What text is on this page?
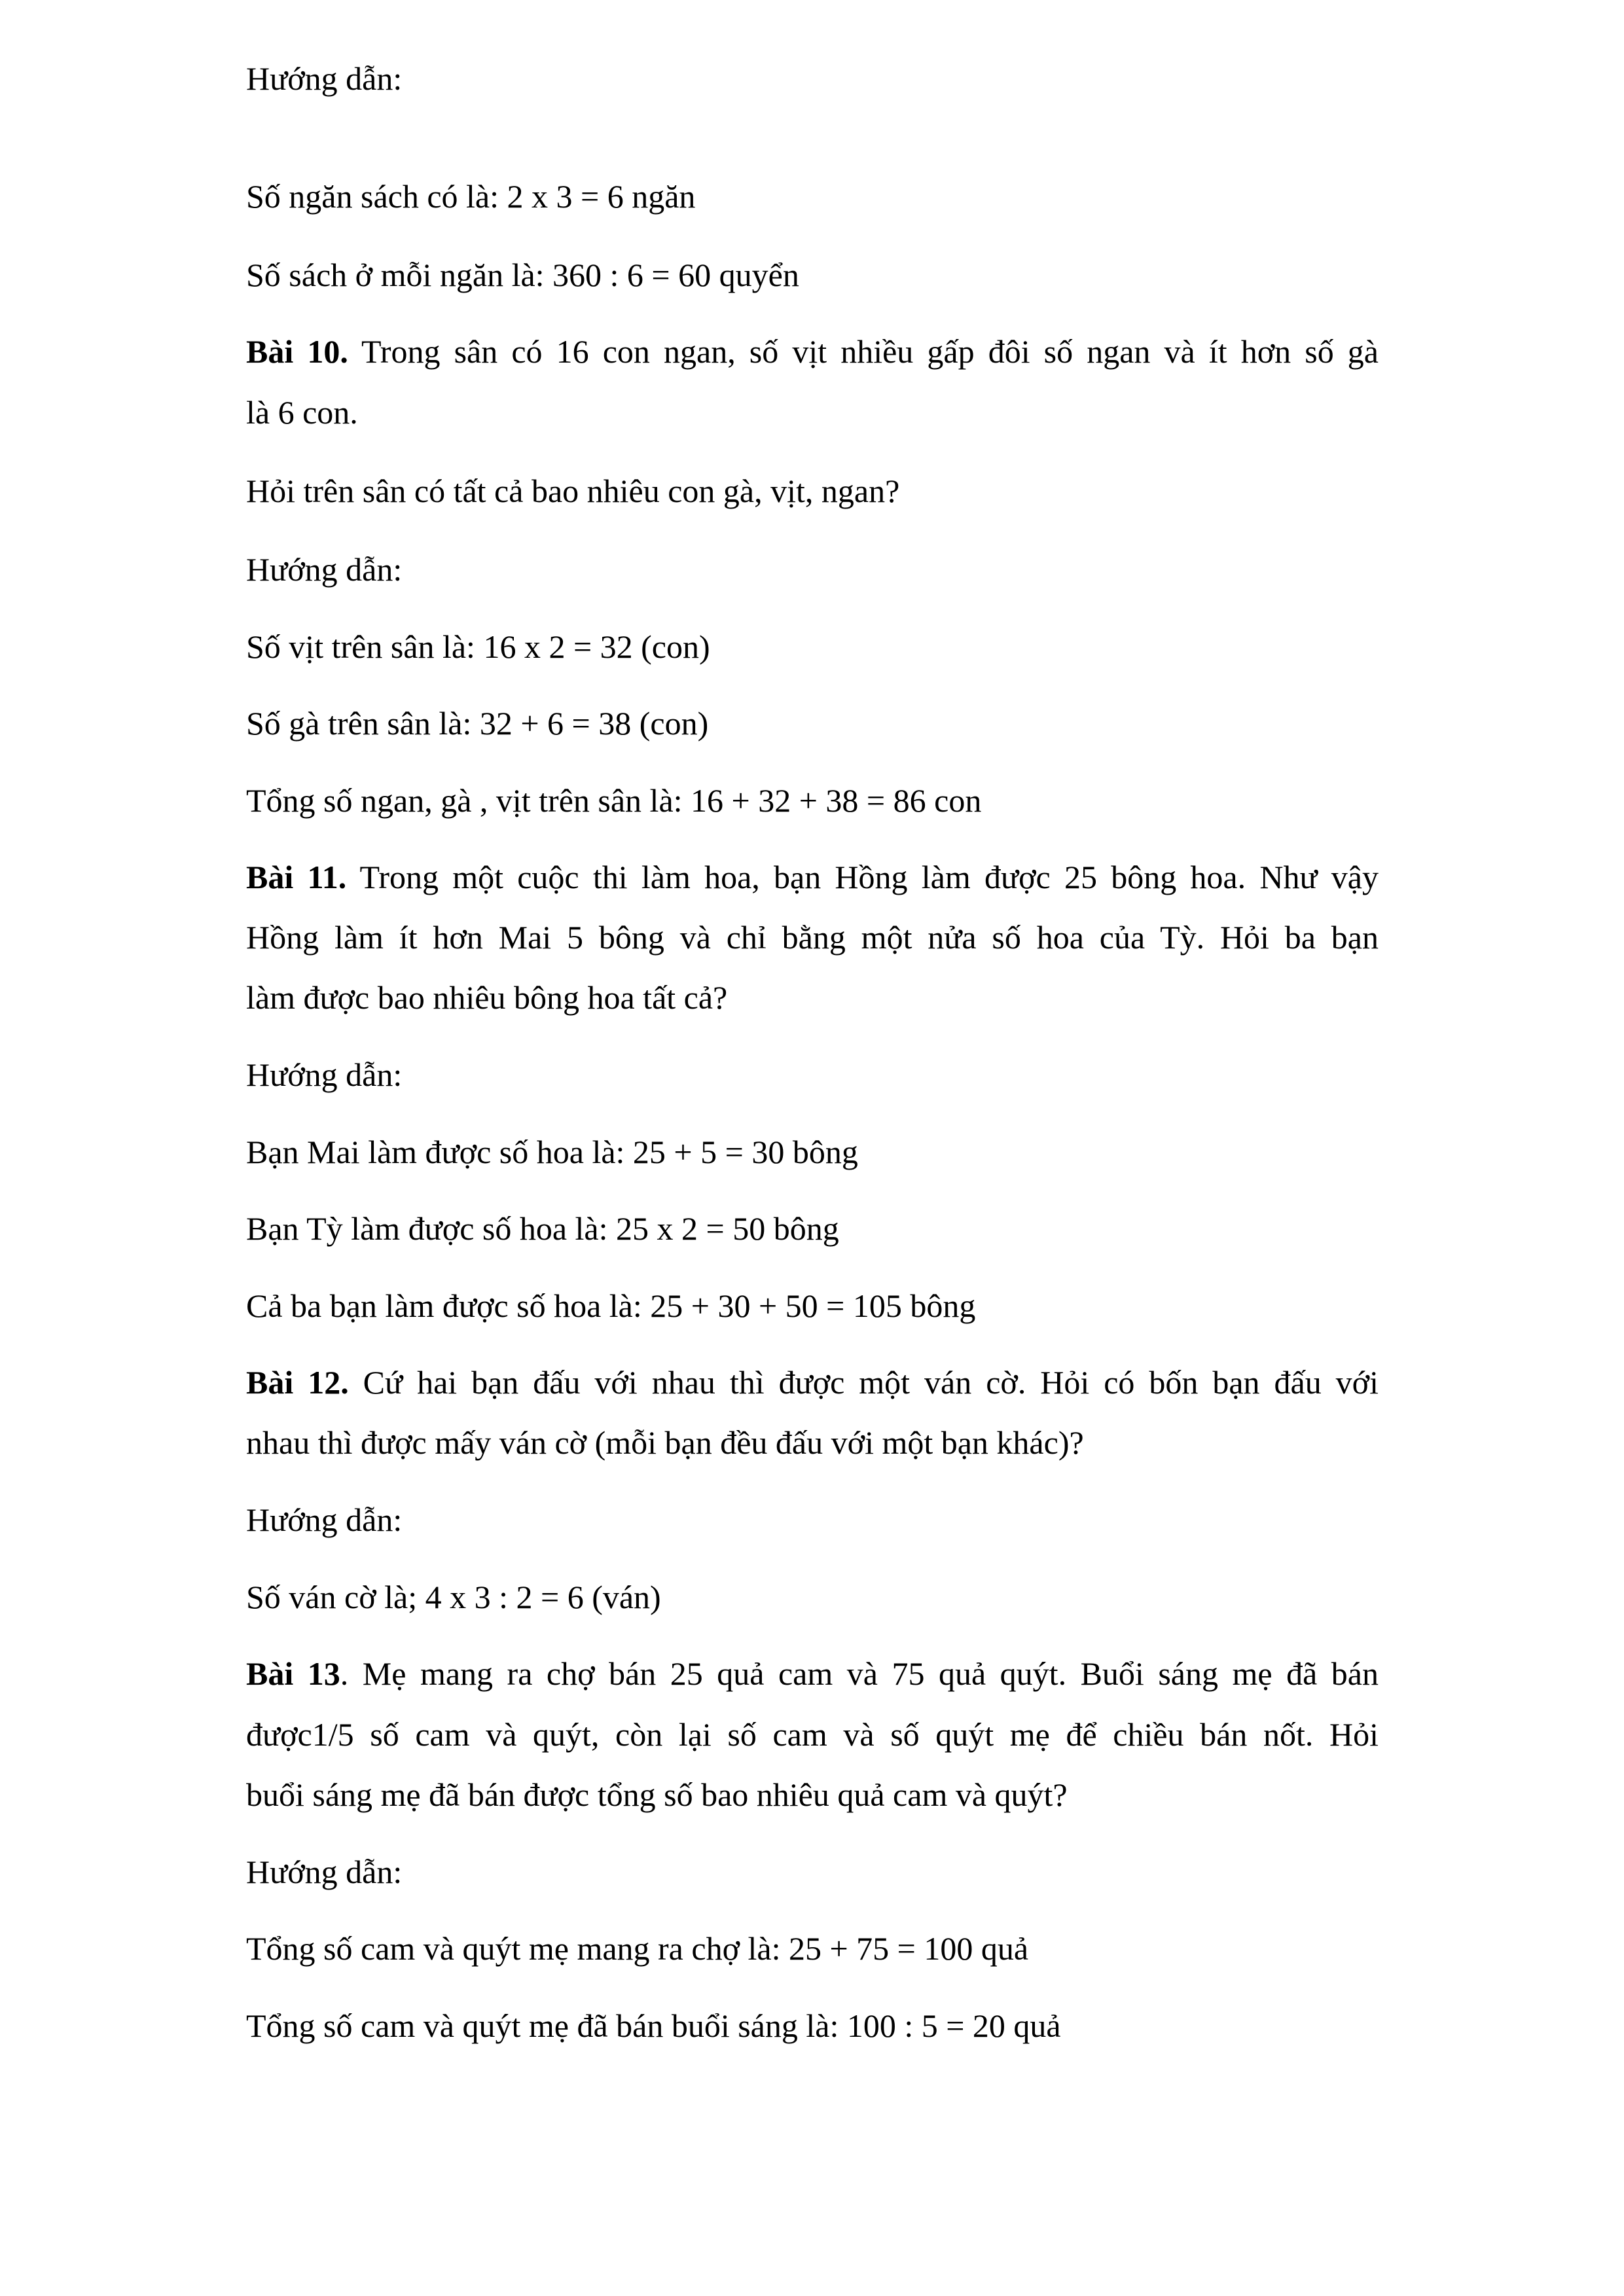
Hướng dẫn:

Số ngăn sách có là: 2 x 3 = 6 ngăn

Số sách ở mỗi ngăn là: 360 : 6 = 60 quyển

Bài 10. Trong sân có 16 con ngan, số vịt nhiều gấp đôi số ngan và ít hơn số gà

là 6 con.

Hỏi trên sân có tất cả bao nhiêu con gà, vịt, ngan?

Hướng dẫn:

Số vịt trên sân là: 16 x 2 = 32 (con)

Số gà trên sân là: 32 + 6 = 38 (con)

Tổng số ngan, gà , vịt trên sân là: 16 + 32 + 38 = 86 con

Bài 11. Trong một cuộc thi làm hoa, bạn Hồng làm được 25 bông hoa. Như vậy

Hồng làm ít hơn Mai 5 bông và chỉ bằng một nửa số hoa của Tỳ. Hỏi ba bạn

làm được bao nhiêu bông hoa tất cả?

Hướng dẫn:

Bạn Mai làm được số hoa là: 25 + 5 = 30 bông

Bạn Tỳ làm được số hoa là: 25 x 2 = 50 bông

Cả ba bạn làm được số hoa là: 25 + 30 + 50 = 105 bông

Bài 12. Cứ hai bạn đấu với nhau thì được một ván cờ. Hỏi có bốn bạn đấu với

nhau thì được mấy ván cờ (mỗi bạn đều đấu với một bạn khác)?

Hướng dẫn:

Số ván cờ là; 4 x 3 : 2 = 6 (ván)

Bài 13. Mẹ mang ra chợ bán 25 quả cam và 75 quả quýt. Buổi sáng mẹ đã bán

được1/5 số cam và quýt, còn lại số cam và số quýt mẹ để chiều bán nốt. Hỏi

buổi sáng mẹ đã bán được tổng số bao nhiêu quả cam và quýt?

Hướng dẫn:

Tổng số cam và quýt mẹ mang ra chợ là: 25 + 75 = 100 quả

Tổng số cam và quýt mẹ đã bán buổi sáng là: 100 : 5 = 20 quả
